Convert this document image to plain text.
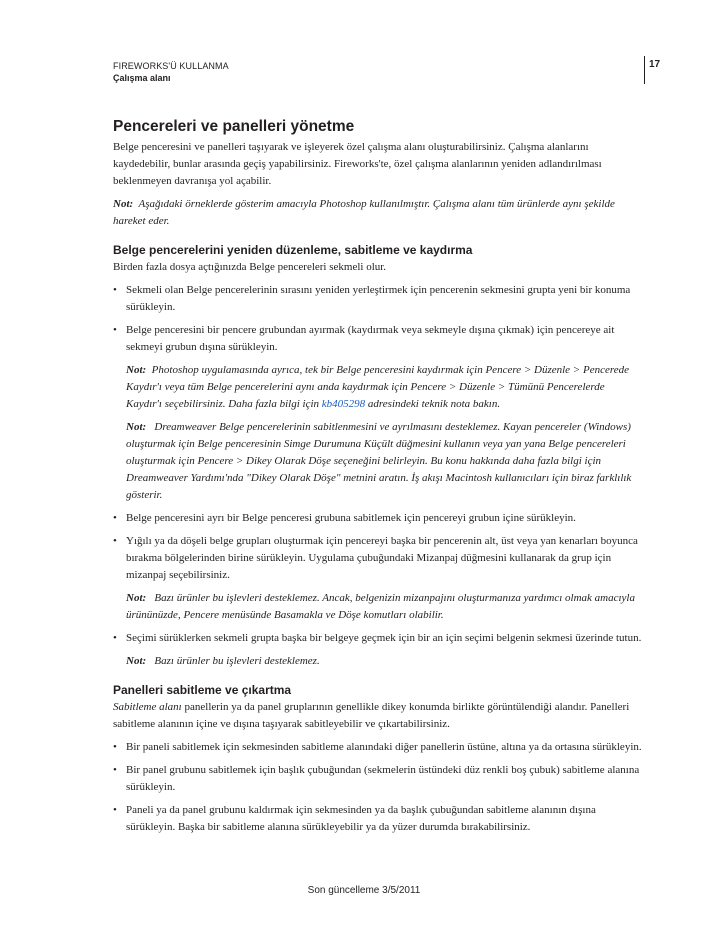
FIREWORKS'Ü KULLANMA
Çalışma alanı
17
Pencereleri ve panelleri yönetme

Belge penceresini ve panelleri taşıyarak ve işleyerek özel çalışma alanı oluşturabilirsiniz. Çalışma alanlarını kaydedebilir, bunlar arasında geçiş yapabilirsiniz. Fireworks'te, özel çalışma alanlarının yeniden adlandırılması beklenmeyen davranışa yol açabilir.

Not: Aşağıdaki örneklerde gösterim amacıyla Photoshop kullanılmıştır. Çalışma alanı tüm ürünlerde aynı şekilde hareket eder.

Belge pencerelerini yeniden düzenleme, sabitleme ve kaydırma

Birden fazla dosya açtığınızda Belge pencereleri sekmeli olur.

• Sekmeli olan Belge pencerelerinin sırasını yeniden yerleştirmek için pencerenin sekmesini grupta yeni bir konuma sürükleyin.
• Belge penceresini bir pencere grubundan ayırmak (kaydırmak veya sekmeyle dışına çıkmak) için pencereye ait sekmeyi grubun dışına sürükleyin.

Not: Photoshop uygulamasında ayrıca, tek bir Belge penceresini kaydırmak için Pencere > Düzenle > Pencerede Kaydır'ı veya tüm Belge pencerelerini aynı anda kaydırmak için Pencere > Düzenle > Tümünü Pencerelerde Kaydır'ı seçebilirsiniz. Daha fazla bilgi için kb405298 adresindeki teknik nota bakın.

Not: Dreamweaver Belge pencerelerinin sabitlenmesini ve ayrılmasını desteklemez. Kayan pencereler (Windows) oluşturmak için Belge penceresinin Simge Durumuna Küçült düğmesini kullanın veya yan yana Belge pencereleri oluşturmak için Pencere > Dikey Olarak Döşe seçeneğini belirleyin. Bu konu hakkında daha fazla bilgi için Dreamweaver Yardımı'nda "Dikey Olarak Döşe" metnini aratın. İş akışı Macintosh kullanıcıları için biraz farklılık gösterir.

• Belge penceresini ayrı bir Belge penceresi grubuna sabitlemek için pencereyi grubun içine sürükleyin.
• Yığılı ya da döşeli belge grupları oluşturmak için pencereyi başka bir pencerenin alt, üst veya yan kenarları boyunca bırakma bölgelerinden birine sürükleyin. Uygulama çubuğundaki Mizanpaj düğmesini kullanarak da grup için mizanpaj seçebilirsiniz.

Not: Bazı ürünler bu işlevleri desteklemez. Ancak, belgenizin mizanpajını oluşturmanıza yardımcı olmak amacıyla ürününüzde, Pencere menüsünde Basamakla ve Döşe komutları olabilir.

• Seçimi sürüklerken sekmeli grupta başka bir belgeye geçmek için bir an için seçimi belgenin sekmesi üzerinde tutun.

Not: Bazı ürünler bu işlevleri desteklemez.

Panelleri sabitleme ve çıkartma

Sabitleme alanı panellerin ya da panel gruplarının genellikle dikey konumda birlikte görüntülendiği alandır. Panelleri sabitleme alanının içine ve dışına taşıyarak sabitleyebilir ve çıkartabilirsiniz.

• Bir paneli sabitlemek için sekmesinden sabitleme alanındaki diğer panellerin üstüne, altına ya da ortasına sürükleyin.
• Bir panel grubunu sabitlemek için başlık çubuğundan (sekmelerin üstündeki düz renkli boş çubuk) sabitleme alanına sürükleyin.
• Paneli ya da panel grubunu kaldırmak için sekmesinden ya da başlık çubuğundan sabitleme alanının dışına sürükleyin. Başka bir sabitleme alanına sürükleyebilir ya da yüzer durumda bırakabilirsiniz.
Son güncelleme 3/5/2011
